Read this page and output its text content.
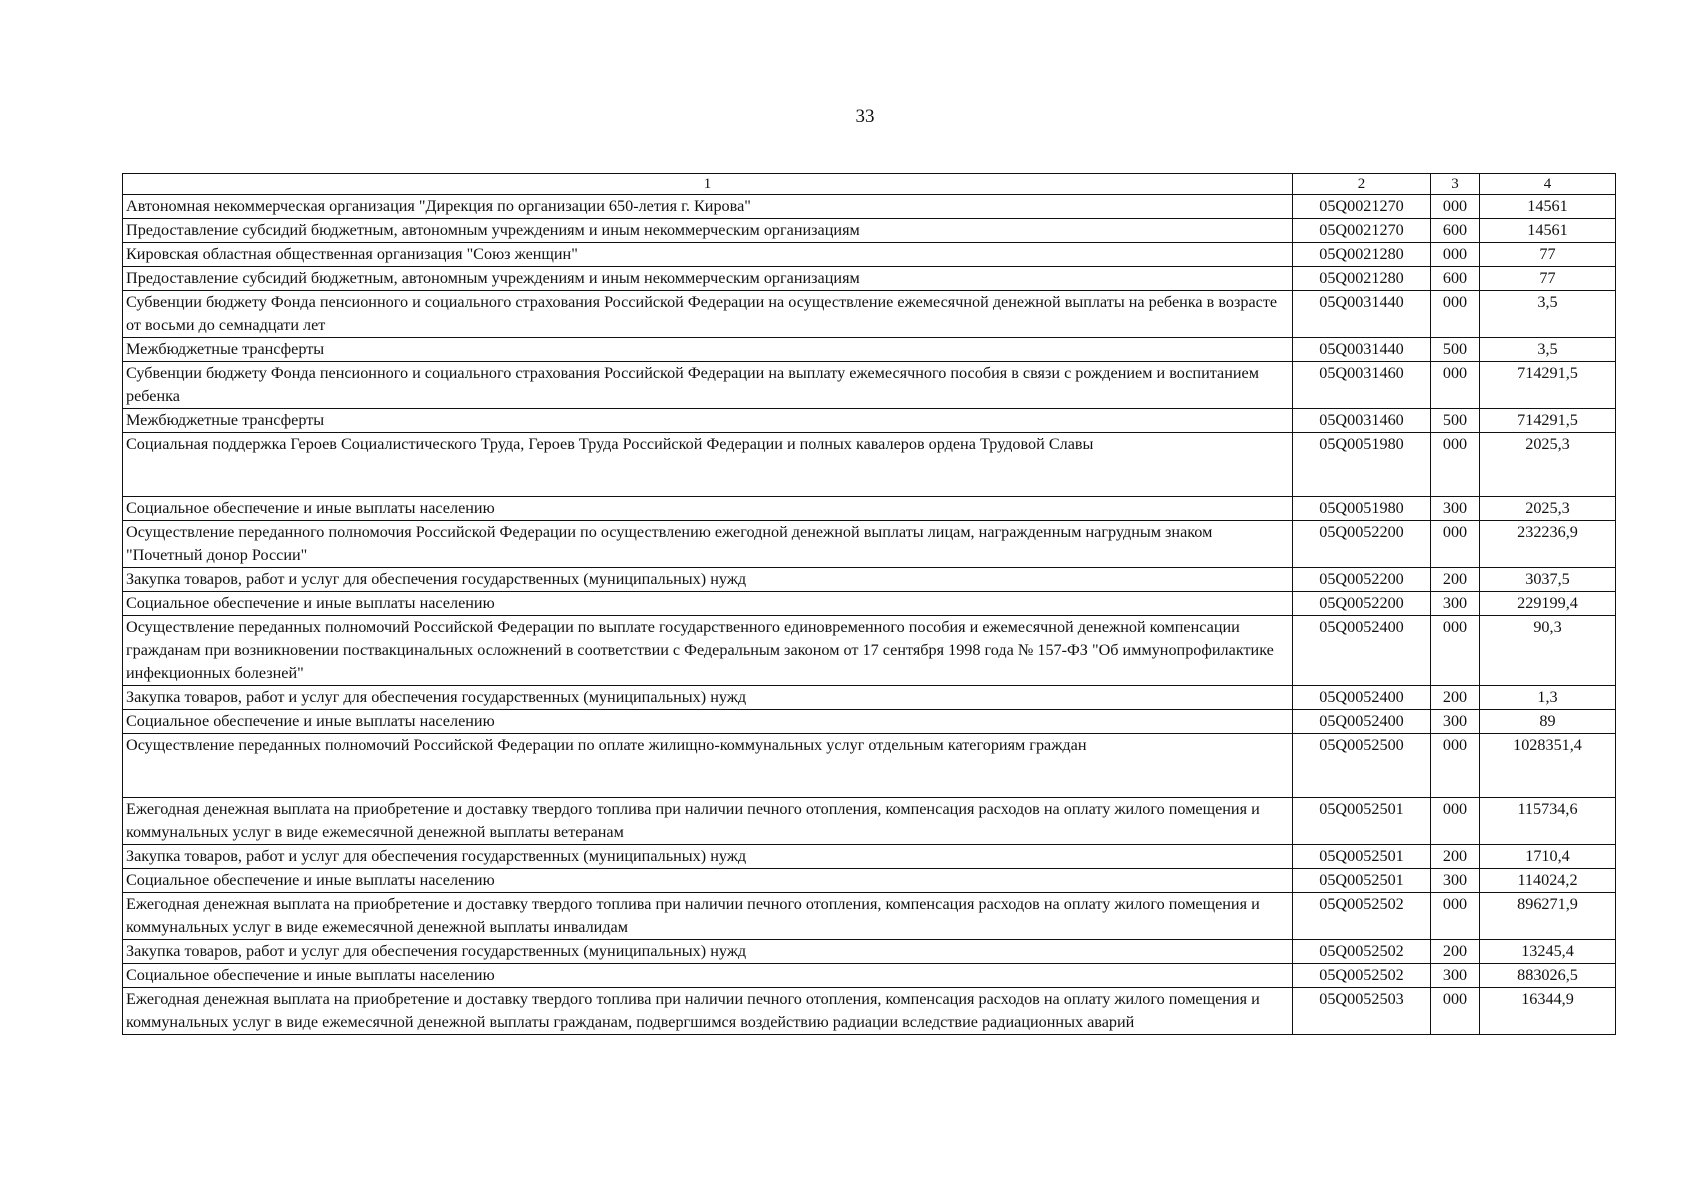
33
1	2	3	4
Автономная некоммерческая организация "Дирекция по организации 650-летия г. Кирова"	05Q0021270	000	14561
Предоставление субсидий бюджетным, автономным учреждениям и иным некоммерческим организациям	05Q0021270	600	14561
Кировская областная общественная организация "Союз женщин"	05Q0021280	000	77
Предоставление субсидий бюджетным, автономным учреждениям и иным некоммерческим организациям	05Q0021280	600	77
Субвенции бюджету Фонда пенсионного и социального страхования Российской Федерации на осуществление ежемесячной денежной выплаты на ребенка в возрасте от восьми до семнадцати лет	05Q0031440	000	3,5
Межбюджетные трансферты	05Q0031440	500	3,5
Субвенции бюджету Фонда пенсионного и социального страхования Российской Федерации на выплату ежемесячного пособия в связи с рождением и воспитанием ребенка	05Q0031460	000	714291,5
Межбюджетные трансферты	05Q0031460	500	714291,5
Социальная поддержка Героев Социалистического Труда, Героев Труда Российской Федерации и полных кавалеров ордена Трудовой Славы	05Q0051980	000	2025,3
Социальное обеспечение и иные выплаты населению	05Q0051980	300	2025,3
Осуществление переданного полномочия Российской Федерации по осуществлению ежегодной денежной выплаты лицам, награжденным нагрудным знаком "Почетный донор России"	05Q0052200	000	232236,9
Закупка товаров, работ и услуг для обеспечения государственных (муниципальных) нужд	05Q0052200	200	3037,5
Социальное обеспечение и иные выплаты населению	05Q0052200	300	229199,4
Осуществление переданных полномочий Российской Федерации по выплате государственного единовременного пособия и ежемесячной денежной компенсации гражданам при возникновении поствакцинальных осложнений в соответствии с Федеральным законом от 17 сентября 1998 года № 157-ФЗ "Об иммунопрофилактике инфекционных болезней"	05Q0052400	000	90,3
Закупка товаров, работ и услуг для обеспечения государственных (муниципальных) нужд	05Q0052400	200	1,3
Социальное обеспечение и иные выплаты населению	05Q0052400	300	89
Осуществление переданных полномочий Российской Федерации по оплате жилищно-коммунальных услуг отдельным категориям граждан	05Q0052500	000	1028351,4
Ежегодная денежная выплата на приобретение и доставку твердого топлива при наличии печного отопления, компенсация расходов на оплату жилого помещения и коммунальных услуг в виде ежемесячной денежной выплаты ветеранам	05Q0052501	000	115734,6
Закупка товаров, работ и услуг для обеспечения государственных (муниципальных) нужд	05Q0052501	200	1710,4
Социальное обеспечение и иные выплаты населению	05Q0052501	300	114024,2
Ежегодная денежная выплата на приобретение и доставку твердого топлива при наличии печного отопления, компенсация расходов на оплату жилого помещения и коммунальных услуг в виде ежемесячной денежной выплаты инвалидам	05Q0052502	000	896271,9
Закупка товаров, работ и услуг для обеспечения государственных (муниципальных) нужд	05Q0052502	200	13245,4
Социальное обеспечение и иные выплаты населению	05Q0052502	300	883026,5
Ежегодная денежная выплата на приобретение и доставку твердого топлива при наличии печного отопления, компенсация расходов на оплату жилого помещения и коммунальных услуг в виде ежемесячной денежной выплаты гражданам, подвергшимся воздействию радиации вследствие радиационных аварий	05Q0052503	000	16344,9
